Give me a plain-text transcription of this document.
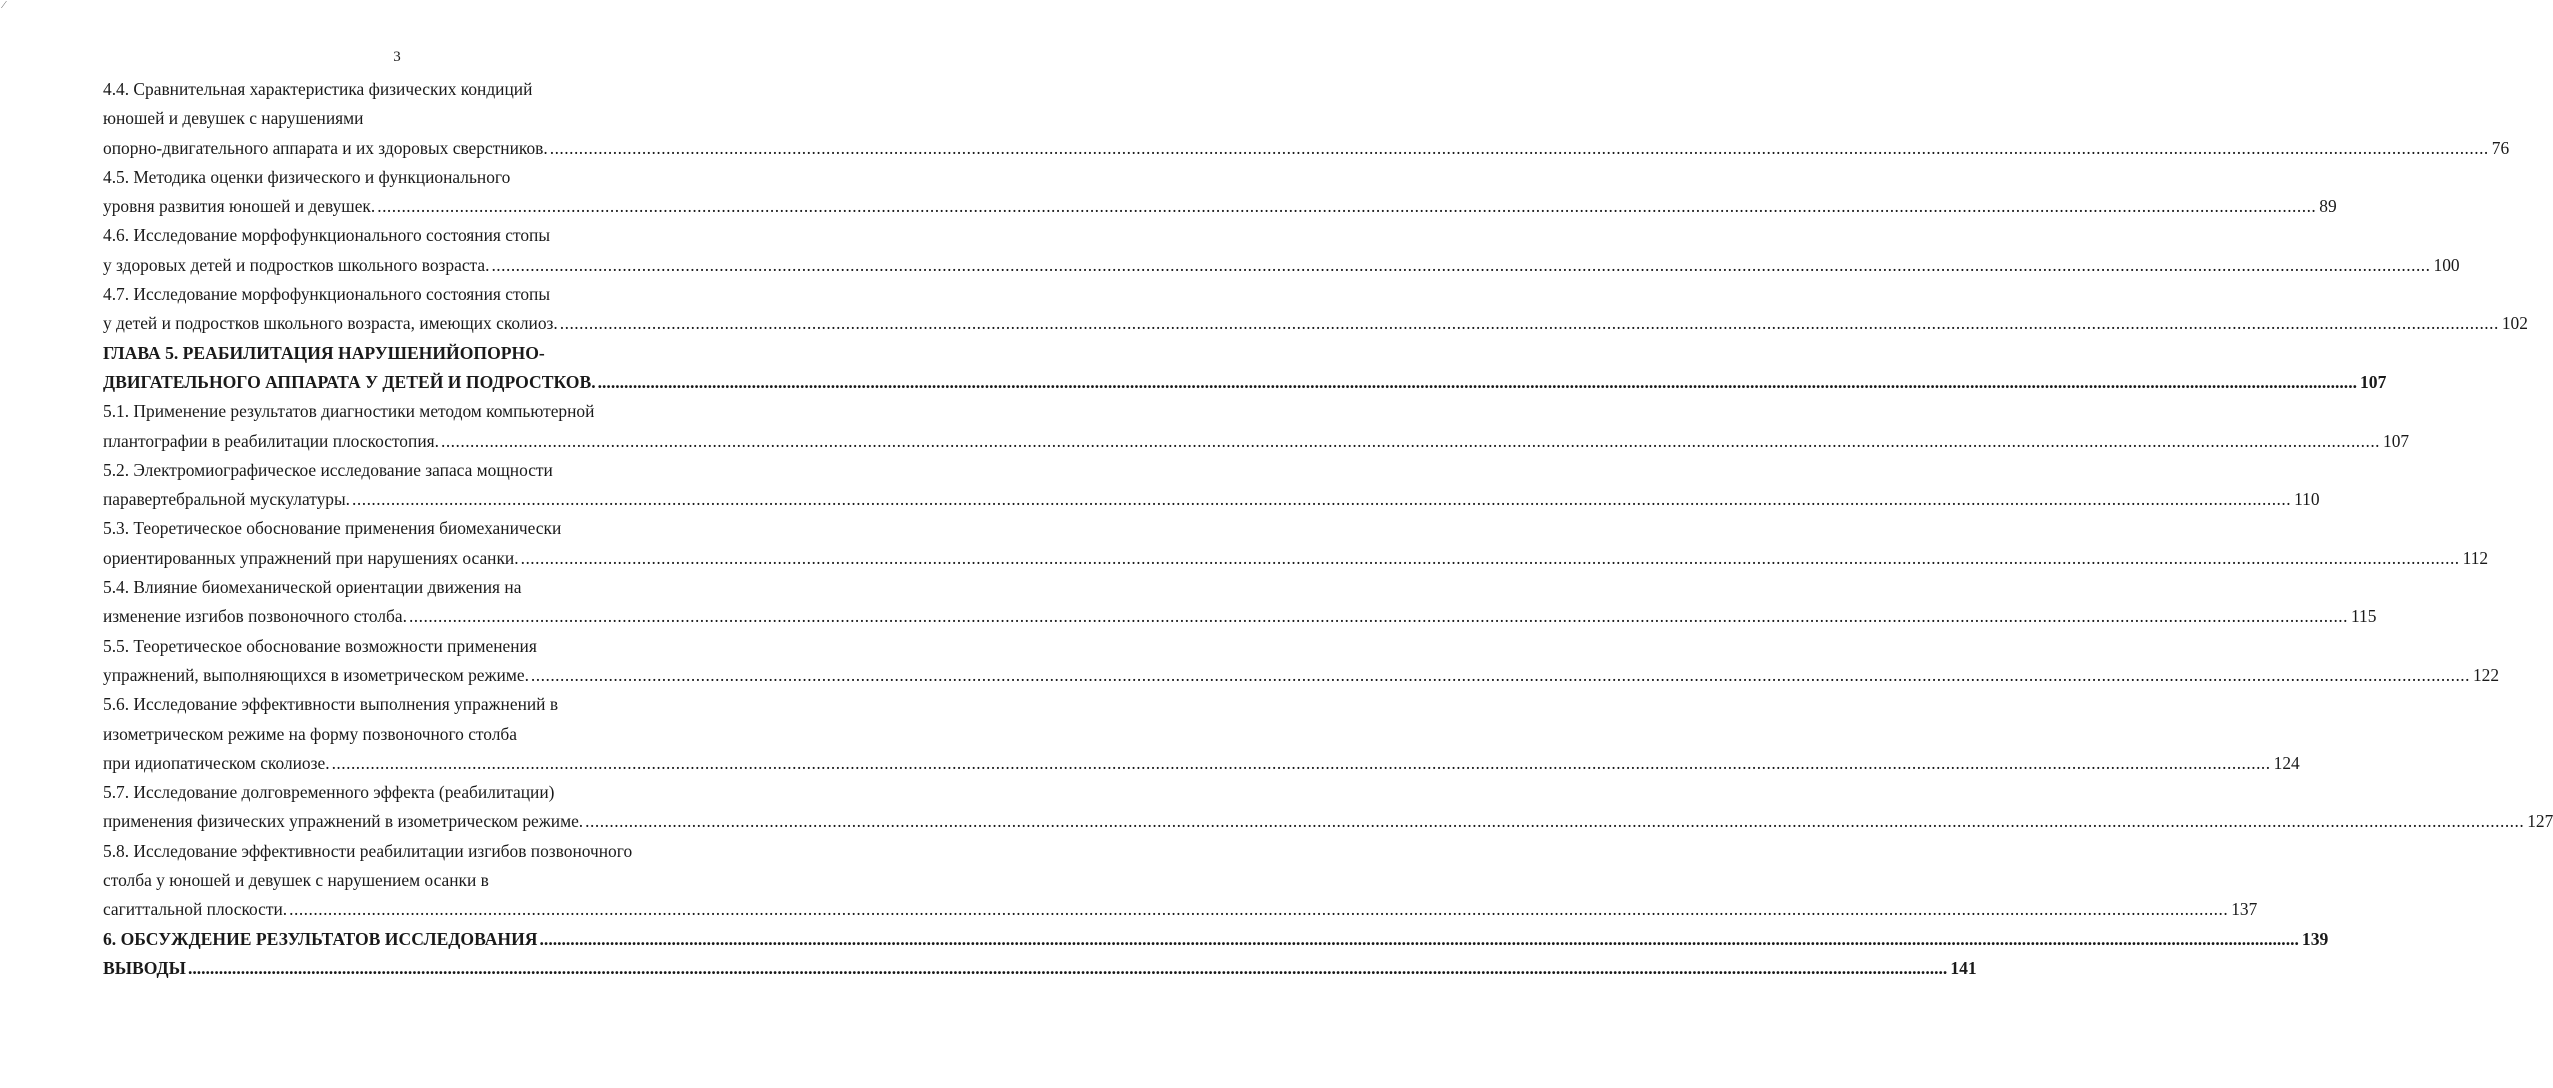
⁄
3
4.4. Сравнительная характеристика физических кондиций
юношей и девушек с нарушениями
опорно-двигательного аппарата и их здоровых сверстников. ................................................................................................................................................................................................................................................................................................................................................................................................................ 76
4.5. Методика оценки физического и функционального
уровня развития юношей и девушек. ................................................................................................................................................................................................................................................................................................................................................................................................................ 89
4.6. Исследование морфофункционального состояния стопы
у здоровых детей и подростков школьного возраста. ................................................................................................................................................................................................................................................................................................................................................................................................................ 100
4.7. Исследование морфофункционального состояния стопы
у детей и подростков школьного возраста, имеющих сколиоз. ................................................................................................................................................................................................................................................................................................................................................................................................................ 102
ГЛАВА 5. РЕАБИЛИТАЦИЯ НАРУШЕНИЙОПОРНО-
ДВИГАТЕЛЬНОГО АППАРАТА У ДЕТЕЙ И ПОДРОСТКОВ. ................................................................................................................................................................................................................................................................................................................................................................................................................ 107
5.1. Применение результатов диагностики методом компьютерной
плантографии в реабилитации плоскостопия. ................................................................................................................................................................................................................................................................................................................................................................................................................ 107
5.2. Электромиографическое исследование запаса мощности
паравертебральной мускулатуры. ................................................................................................................................................................................................................................................................................................................................................................................................................ 110
5.3. Теоретическое обоснование применения биомеханически
ориентированных упражнений при нарушениях осанки. ................................................................................................................................................................................................................................................................................................................................................................................................................ 112
5.4. Влияние биомеханической ориентации движения на
изменение изгибов позвоночного столба. ................................................................................................................................................................................................................................................................................................................................................................................................................ 115
5.5. Теоретическое обоснование возможности применения
упражнений, выполняющихся в изометрическом режиме. ................................................................................................................................................................................................................................................................................................................................................................................................................ 122
5.6. Исследование эффективности выполнения упражнений в
изометрическом режиме на форму позвоночного столба
при идиопатическом сколиозе. ................................................................................................................................................................................................................................................................................................................................................................................................................ 124
5.7. Исследование долговременного эффекта (реабилитации)
применения физических упражнений в изометрическом режиме. ................................................................................................................................................................................................................................................................................................................................................................................................................ 127
5.8. Исследование эффективности реабилитации изгибов позвоночного
столба у юношей и девушек с нарушением осанки в
сагиттальной плоскости. ................................................................................................................................................................................................................................................................................................................................................................................................................ 137
6. ОБСУЖДЕНИЕ РЕЗУЛЬТАТОВ ИССЛЕДОВАНИЯ ................................................................................................................................................................................................................................................................................................................................................................................................................ 139
ВЫВОДЫ ................................................................................................................................................................................................................................................................................................................................................................................................................ 141
